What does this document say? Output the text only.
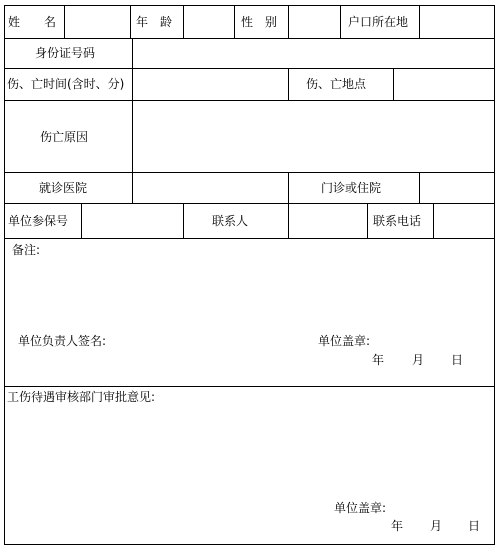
姓　　名	年　龄	性　别	户口所在地
身份证号码
伤、亡时间(含时、分)	伤、亡地点
伤亡原因
就诊医院	门诊或住院
单位参保号	联系人	联系电话
备注:
单位负责人签名:	单位盖章:
年 月 日
工伤待遇审核部门审批意见:
单位盖章:
年 月 日
